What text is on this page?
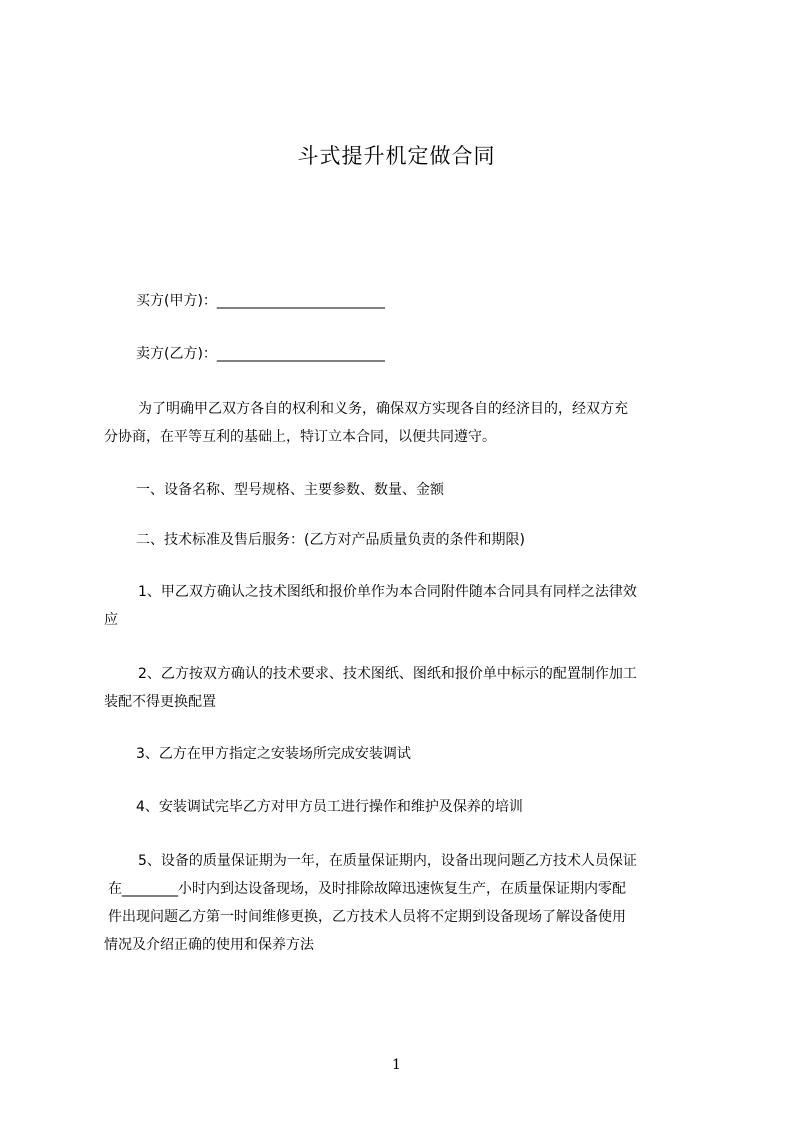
斗式提升机定做合同
买方(甲方)：________________________
卖方(乙方)：________________________
为了明确甲乙双方各自的权利和义务，确保双方实现各自的经济目的，经双方充
分协商，在平等互利的基础上，特订立本合同，以便共同遵守。
一、设备名称、型号规格、主要参数、数量、金额
二、技术标准及售后服务：(乙方对产品质量负责的条件和期限)
1、甲乙双方确认之技术图纸和报价单作为本合同附件随本合同具有同样之法律效
应
2、乙方按双方确认的技术要求、技术图纸、图纸和报价单中标示的配置制作加工
装配不得更换配置
3、乙方在甲方指定之安装场所完成安装调试
4、安装调试完毕乙方对甲方员工进行操作和维护及保养的培训
5、设备的质量保证期为一年，在质量保证期内，设备出现问题乙方技术人员保证
在________小时内到达设备现场，及时排除故障迅速恢复生产，在质量保证期内零配
件出现问题乙方第一时间维修更换，乙方技术人员将不定期到设备现场了解设备使用
情况及介绍正确的使用和保养方法
1
